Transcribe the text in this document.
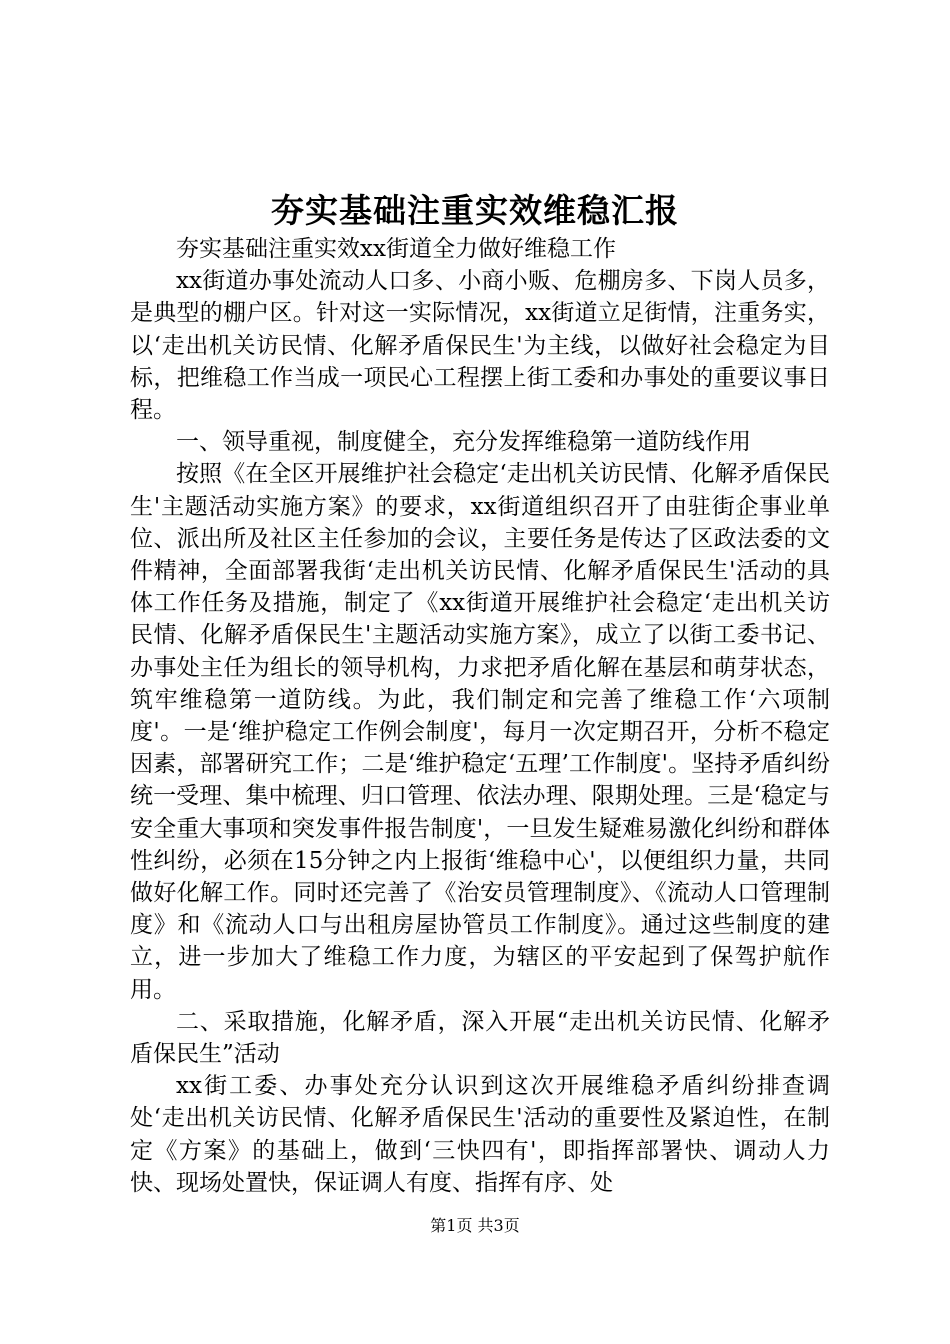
夯实基础注重实效维稳汇报

夯实基础注重实效xx街道全力做好维稳工作

xx街道办事处流动人口多、小商小贩、危棚房多、下岗人员多，是典型的棚户区。针对这一实际情况，xx街道立足街情，注重务实，以‘走出机关访民情、化解矛盾保民生'为主线，以做好社会稳定为目标，把维稳工作当成一项民心工程摆上街工委和办事处的重要议事日程。

一、领导重视，制度健全，充分发挥维稳第一道防线作用

按照《在全区开展维护社会稳定‘走出机关访民情、化解矛盾保民生'主题活动实施方案》的要求，xx街道组织召开了由驻街企事业单位、派出所及社区主任参加的会议，主要任务是传达了区政法委的文件精神，全面部署我街‘走出机关访民情、化解矛盾保民生'活动的具体工作任务及措施，制定了《xx街道开展维护社会稳定‘走出机关访民情、化解矛盾保民生'主题活动实施方案》，成立了以街工委书记、办事处主任为组长的领导机构，力求把矛盾化解在基层和萌芽状态，筑牢维稳第一道防线。为此，我们制定和完善了维稳工作‘六项制度'。一是‘维护稳定工作例会制度'，每月一次定期召开，分析不稳定因素，部署研究工作；二是‘维护稳定‘五理’工作制度'。坚持矛盾纠纷统一受理、集中梳理、归口管理、依法办理、限期处理。三是‘稳定与安全重大事项和突发事件报告制度'，一旦发生疑难易激化纠纷和群体性纠纷，必须在15分钟之内上报街‘维稳中心'，以便组织力量，共同做好化解工作。同时还完善了《治安员管理制度》、《流动人口管理制度》和《流动人口与出租房屋协管员工作制度》。通过这些制度的建立，进一步加大了维稳工作力度，为辖区的平安起到了保驾护航作用。

二、采取措施，化解矛盾，深入开展“走出机关访民情、化解矛盾保民生”活动

xx街工委、办事处充分认识到这次开展维稳矛盾纠纷排查调处‘走出机关访民情、化解矛盾保民生'活动的重要性及紧迫性，在制定《方案》的基础上，做到‘三快四有'，即指挥部署快、调动人力快、现场处置快，保证调人有度、指挥有序、处

第1页 共3页
